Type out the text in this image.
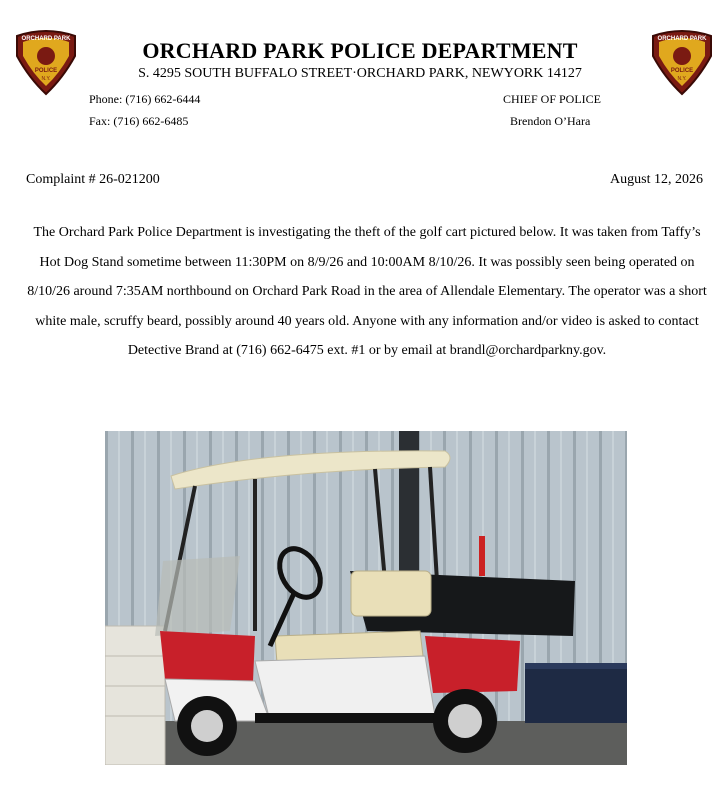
ORCHARD PARK
POLICE
N.Y.
ORCHARD PARK
POLICE
N.Y.
ORCHARD PARK POLICE DEPARTMENT
S. 4295 SOUTH BUFFALO STREET·ORCHARD PARK, NEWYORK 14127
Phone: (716) 662-6444
Fax: (716) 662-6485
CHIEF OF POLICE
Brendon O’Hara
Complaint # 26-021200	August 12, 2026
The Orchard Park Police Department is investigating the theft of the golf cart pictured below. It was taken from Taffy’s Hot Dog Stand sometime between 11:30PM on 8/9/26 and 10:00AM 8/10/26. It was possibly seen being operated on 8/10/26 around 7:35AM northbound on Orchard Park Road in the area of Allendale Elementary. The operator was a short white male, scruffy beard, possibly around 40 years old. Anyone with any information and/or video is asked to contact Detective Brand at (716) 662-6475 ext. #1 or by email at brandl@orchardparkny.gov.
